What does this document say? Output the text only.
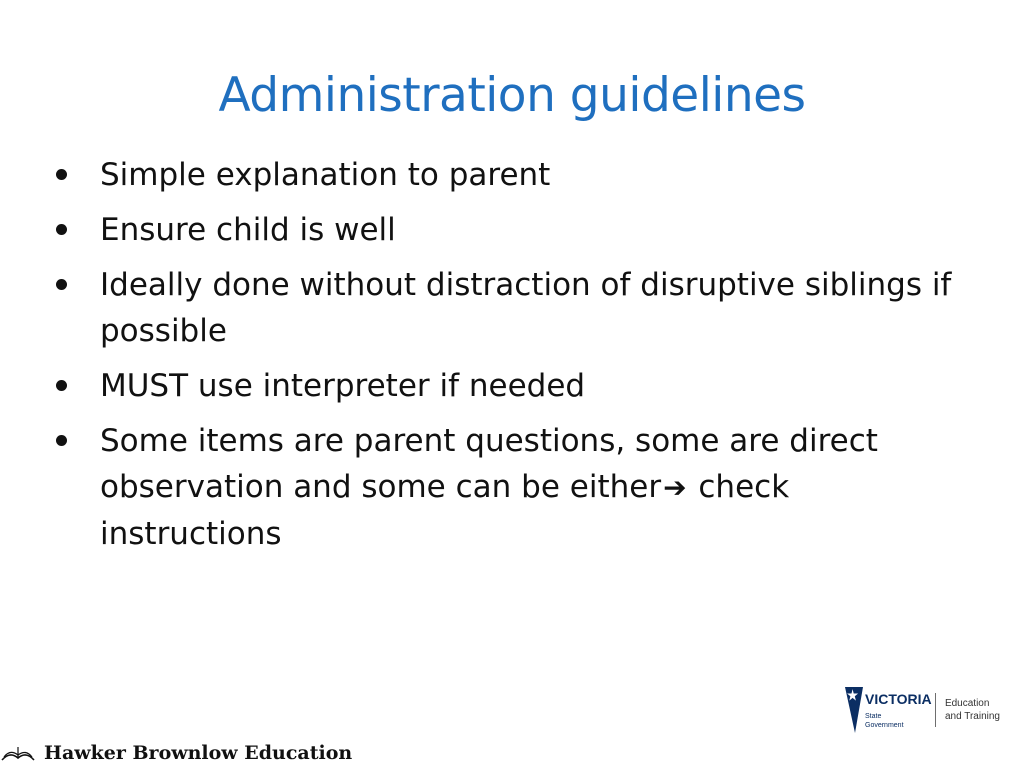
Administration guidelines
Simple explanation to parent
Ensure child is well
Ideally done without distraction of disruptive siblings if possible
MUST use interpreter if needed
Some items are parent questions, some are direct observation and some can be either➔ check instructions
Hawker Brownlow Education
VICTORIA
State
Government
Education
and Training
